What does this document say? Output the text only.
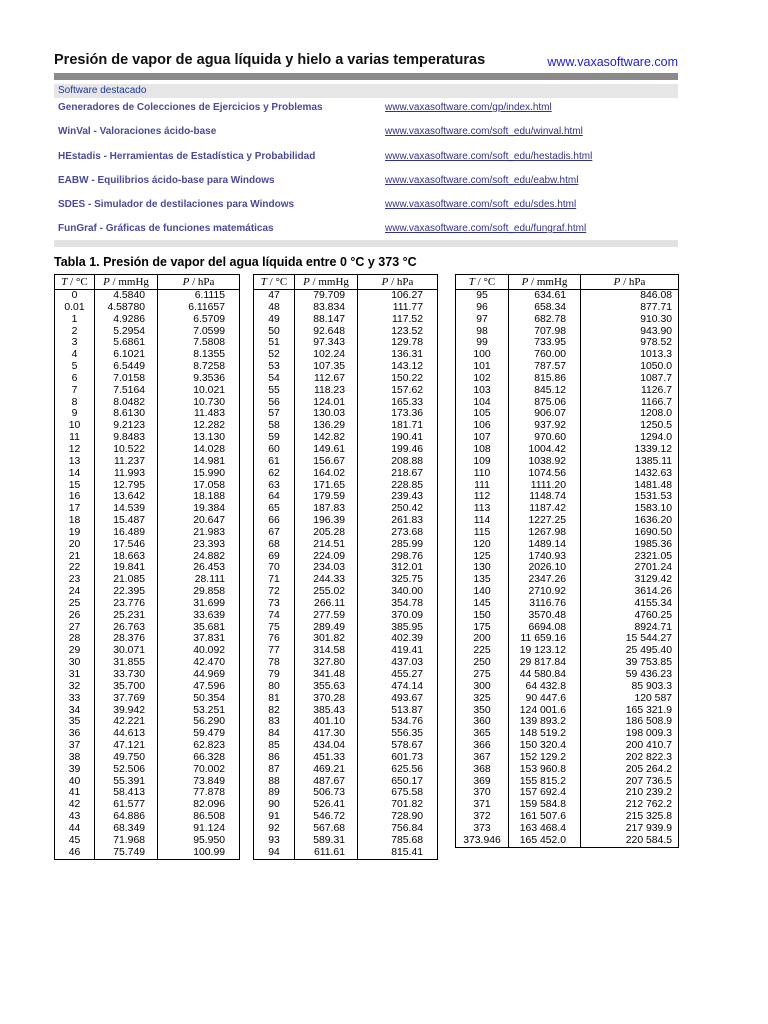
Presión de vapor de agua líquida y hielo a varias temperaturas	www.vaxasoftware.com
Software destacado
Generadores de Colecciones de Ejercicios y Problemas	www.vaxasoftware.com/gp/index.html
WinVal - Valoraciones ácido-base	www.vaxasoftware.com/soft_edu/winval.html
HEstadis - Herramientas de Estadística y Probabilidad	www.vaxasoftware.com/soft_edu/hestadis.html
EABW - Equilibrios ácido-base para Windows	www.vaxasoftware.com/soft_edu/eabw.html
SDES - Simulador de destilaciones para Windows	www.vaxasoftware.com/soft_edu/sdes.html
FunGraf - Gráficas de funciones matemáticas	www.vaxasoftware.com/soft_edu/fungraf.html
Tabla 1. Presión de vapor del agua líquida entre 0 °C y 373 °C
T / °C	P / mmHg	P / hPa
0	4.5840	6.1115
0.01	4.58780	6.11657
1	4.9286	6.5709
2	5.2954	7.0599
3	5.6861	7.5808
4	6.1021	8.1355
5	6.5449	8.7258
6	7.0158	9.3536
7	7.5164	10.021
8	8.0482	10.730
9	8.6130	11.483
10	9.2123	12.282
11	9.8483	13.130
12	10.522	14.028
13	11.237	14.981
14	11.993	15.990
15	12.795	17.058
16	13.642	18.188
17	14.539	19.384
18	15.487	20.647
19	16.489	21.983
20	17.546	23.393
21	18.663	24.882
22	19.841	26.453
23	21.085	28.111
24	22.395	29.858
25	23.776	31.699
26	25.231	33.639
27	26.763	35.681
28	28.376	37.831
29	30.071	40.092
30	31.855	42.470
31	33.730	44.969
32	35.700	47.596
33	37.769	50.354
34	39.942	53.251
35	42.221	56.290
36	44.613	59.479
37	47.121	62.823
38	49.750	66.328
39	52.506	70.002
40	55.391	73.849
41	58.413	77.878
42	61.577	82.096
43	64.886	86.508
44	68.349	91.124
45	71.968	95.950
46	75.749	100.99
T / °C	P / mmHg	P / hPa
47	79.709	106.27
48	83.834	111.77
49	88.147	117.52
50	92.648	123.52
51	97.343	129.78
52	102.24	136.31
53	107.35	143.12
54	112.67	150.22
55	118.23	157.62
56	124.01	165.33
57	130.03	173.36
58	136.29	181.71
59	142.82	190.41
60	149.61	199.46
61	156.67	208.88
62	164.02	218.67
63	171.65	228.85
64	179.59	239.43
65	187.83	250.42
66	196.39	261.83
67	205.28	273.68
68	214.51	285.99
69	224.09	298.76
70	234.03	312.01
71	244.33	325.75
72	255.02	340.00
73	266.11	354.78
74	277.59	370.09
75	289.49	385.95
76	301.82	402.39
77	314.58	419.41
78	327.80	437.03
79	341.48	455.27
80	355.63	474.14
81	370.28	493.67
82	385.43	513.87
83	401.10	534.76
84	417.30	556.35
85	434.04	578.67
86	451.33	601.73
87	469.21	625.56
88	487.67	650.17
89	506.73	675.58
90	526.41	701.82
91	546.72	728.90
92	567.68	756.84
93	589.31	785.68
94	611.61	815.41
T / °C	P / mmHg	P / hPa
95	634.61	846.08
96	658.34	877.71
97	682.78	910.30
98	707.98	943.90
99	733.95	978.52
100	760.00	1013.3
101	787.57	1050.0
102	815.86	1087.7
103	845.12	1126.7
104	875.06	1166.7
105	906.07	1208.0
106	937.92	1250.5
107	970.60	1294.0
108	1004.42	1339.12
109	1038.92	1385.11
110	1074.56	1432.63
111	1111.20	1481.48
112	1148.74	1531.53
113	1187.42	1583.10
114	1227.25	1636.20
115	1267.98	1690.50
120	1489.14	1985.36
125	1740.93	2321.05
130	2026.10	2701.24
135	2347.26	3129.42
140	2710.92	3614.26
145	3116.76	4155.34
150	3570.48	4760.25
175	6694.08	8924.71
200	11 659.16	15 544.27
225	19 123.12	25 495.40
250	29 817.84	39 753.85
275	44 580.84	59 436.23
300	64 432.8	85 903.3
325	90 447.6	120 587
350	124 001.6	165 321.9
360	139 893.2	186 508.9
365	148 519.2	198 009.3
366	150 320.4	200 410.7
367	152 129.2	202 822.3
368	153 960.8	205 264.2
369	155 815.2	207 736.5
370	157 692.4	210 239.2
371	159 584.8	212 762.2
372	161 507.6	215 325.8
373	163 468.4	217 939.9
373.946	165 452.0	220 584.5
